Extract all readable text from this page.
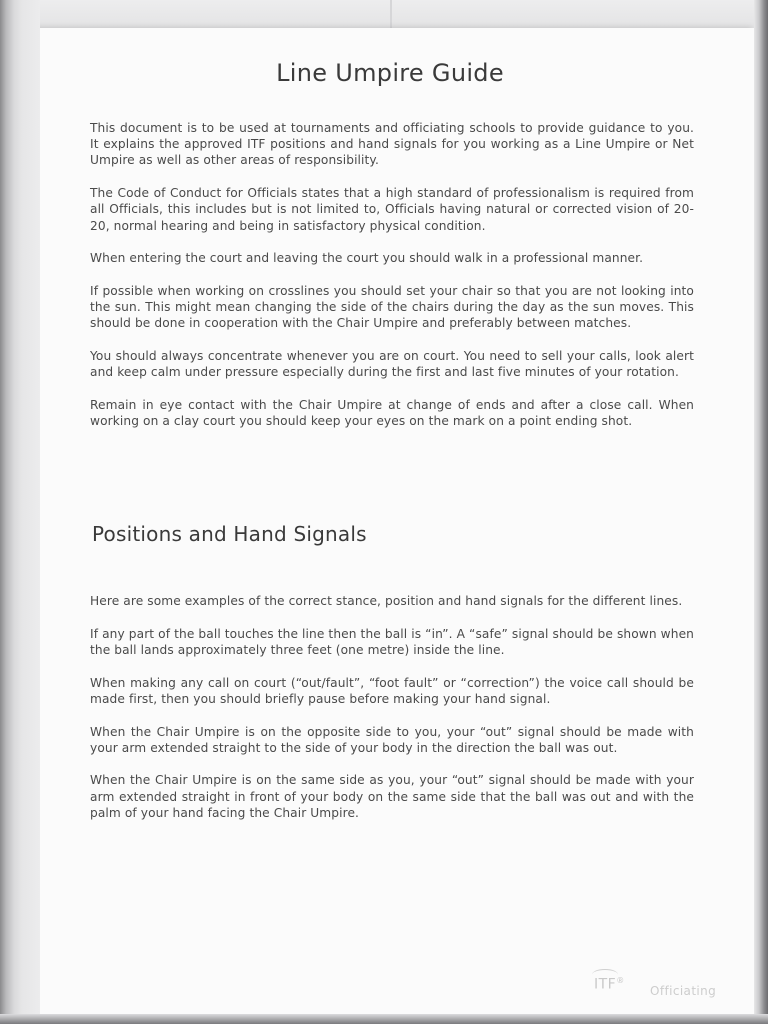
Line Umpire Guide

This document is to be used at tournaments and officiating schools to provide guidance to you. It explains the approved ITF positions and hand signals for you working as a Line Umpire or Net Umpire as well as other areas of responsibility.

The Code of Conduct for Officials states that a high standard of professionalism is required from all Officials, this includes but is not limited to, Officials having natural or corrected vision of 20-20, normal hearing and being in satisfactory physical condition.

When entering the court and leaving the court you should walk in a professional manner.

If possible when working on crosslines you should set your chair so that you are not looking into the sun. This might mean changing the side of the chairs during the day as the sun moves. This should be done in cooperation with the Chair Umpire and preferably between matches.

You should always concentrate whenever you are on court. You need to sell your calls, look alert and keep calm under pressure especially during the first and last five minutes of your rotation.

Remain in eye contact with the Chair Umpire at change of ends and after a close call. When working on a clay court you should keep your eyes on the mark on a point ending shot.

Positions and Hand Signals

Here are some examples of the correct stance, position and hand signals for the different lines.

If any part of the ball touches the line then the ball is “in”. A “safe” signal should be shown when the ball lands approximately three feet (one metre) inside the line.

When making any call on court (“out/fault”, “foot fault” or “correction”) the voice call should be made first, then you should briefly pause before making your hand signal.

When the Chair Umpire is on the opposite side to you, your “out” signal should be made with your arm extended straight to the side of your body in the direction the ball was out.

When the Chair Umpire is on the same side as you, your “out” signal should be made with your arm extended straight in front of your body on the same side that the ball was out and with the palm of your hand facing the Chair Umpire.

ITF®
Officiating
